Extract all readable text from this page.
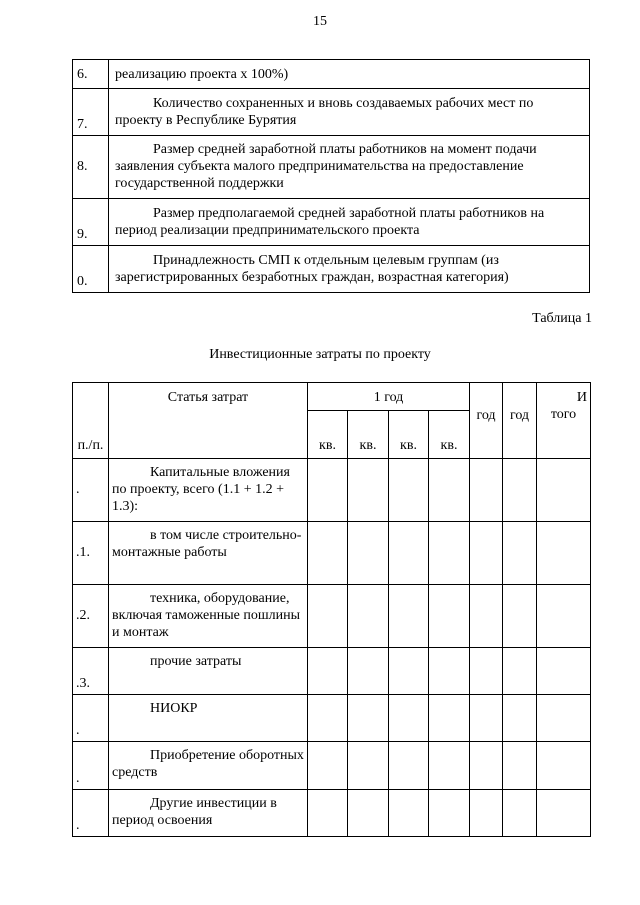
15
6.	реализацию проекта х 100%)
7.	Количество сохраненных и вновь создаваемых рабочих мест по проекту в Республике Бурятия
8.	Размер средней заработной платы работников на момент подачи заявления субъекта малого предпринимательства на предоставление государственной поддержки
9.	Размер предполагаемой средней заработной платы работников на период реализации предпринимательского проекта
0.	Принадлежность СМП к отдельным целевым группам (из зарегистрированных безработных граждан, возрастная категория)
Таблица 1
Инвестиционные затраты по проекту
п./п.	Статья затрат	1 год				год	год	И
того

		кв.	кв.	кв.	кв.			
.	Капитальные вложения по проекту, всего (1.1 + 1.2 + 1.3):							
.1.	в том числе строительно-монтажные работы							
.2.	техника, оборудование, включая таможенные пошлины и монтаж							
.3.	прочие затраты							
.	НИОКР							
.	Приобретение оборотных средств							
.	Другие инвестиции в период освоения							
